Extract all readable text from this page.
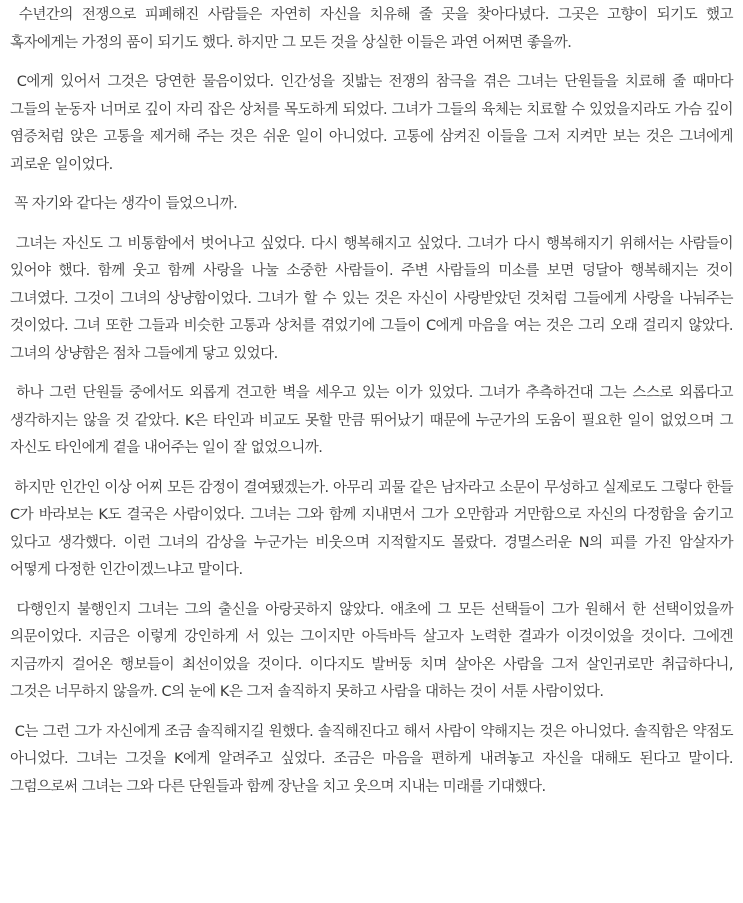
수년간의 전쟁으로 피폐해진 사람들은 자연히 자신을 치유해 줄 곳을 찾아다녔다. 그곳은 고향이 되기도 했고 혹자에게는 가정의 품이 되기도 했다. 하지만 그 모든 것을 상실한 이들은 과연 어쩌면 좋을까.

C에게 있어서 그것은 당연한 물음이었다. 인간성을 짓밟는 전쟁의 참극을 겪은 그녀는 단원들을 치료해 줄 때마다 그들의 눈동자 너머로 깊이 자리 잡은 상처를 목도하게 되었다. 그녀가 그들의 육체는 치료할 수 있었을지라도 가슴 깊이 염증처럼 앉은 고통을 제거해 주는 것은 쉬운 일이 아니었다. 고통에 삼켜진 이들을 그저 지켜만 보는 것은 그녀에게 괴로운 일이었다.

꼭 자기와 같다는 생각이 들었으니까.

그녀는 자신도 그 비통함에서 벗어나고 싶었다. 다시 행복해지고 싶었다. 그녀가 다시 행복해지기 위해서는 사람들이 있어야 했다. 함께 웃고 함께 사랑을 나눌 소중한 사람들이. 주변 사람들의 미소를 보면 덩달아 행복해지는 것이 그녀였다. 그것이 그녀의 상냥함이었다. 그녀가 할 수 있는 것은 자신이 사랑받았던 것처럼 그들에게 사랑을 나눠주는 것이었다. 그녀 또한 그들과 비슷한 고통과 상처를 겪었기에 그들이 C에게 마음을 여는 것은 그리 오래 걸리지 않았다. 그녀의 상냥함은 점차 그들에게 닿고 있었다.

하나 그런 단원들 중에서도 외롭게 견고한 벽을 세우고 있는 이가 있었다. 그녀가 추측하건대 그는 스스로 외롭다고 생각하지는 않을 것 같았다. K은 타인과 비교도 못할 만큼 뛰어났기 때문에 누군가의 도움이 필요한 일이 없었으며 그 자신도 타인에게 곁을 내어주는 일이 잘 없었으니까.

하지만 인간인 이상 어찌 모든 감정이 결여됐겠는가. 아무리 괴물 같은 남자라고 소문이 무성하고 실제로도 그렇다 한들 C가 바라보는 K도 결국은 사람이었다. 그녀는 그와 함께 지내면서 그가 오만함과 거만함으로 자신의 다정함을 숨기고 있다고 생각했다. 이런 그녀의 감상을 누군가는 비웃으며 지적할지도 몰랐다. 경멸스러운 N의 피를 가진 암살자가 어떻게 다정한 인간이겠느냐고 말이다.

다행인지 불행인지 그녀는 그의 출신을 아랑곳하지 않았다. 애초에 그 모든 선택들이 그가 원해서 한 선택이었을까 의문이었다. 지금은 이렇게 강인하게 서 있는 그이지만 아득바득 살고자 노력한 결과가 이것이었을 것이다. 그에겐 지금까지 걸어온 행보들이 최선이었을 것이다. 이다지도 발버둥 치며 살아온 사람을 그저 살인귀로만 취급하다니, 그것은 너무하지 않을까. C의 눈에 K은 그저 솔직하지 못하고 사람을 대하는 것이 서툰 사람이었다.

C는 그런 그가 자신에게 조금 솔직해지길 원했다. 솔직해진다고 해서 사람이 약해지는 것은 아니었다. 솔직함은 약점도 아니었다. 그녀는 그것을 K에게 알려주고 싶었다. 조금은 마음을 편하게 내려놓고 자신을 대해도 된다고 말이다. 그럼으로써 그녀는 그와 다른 단원들과 함께 장난을 치고 웃으며 지내는 미래를 기대했다.
